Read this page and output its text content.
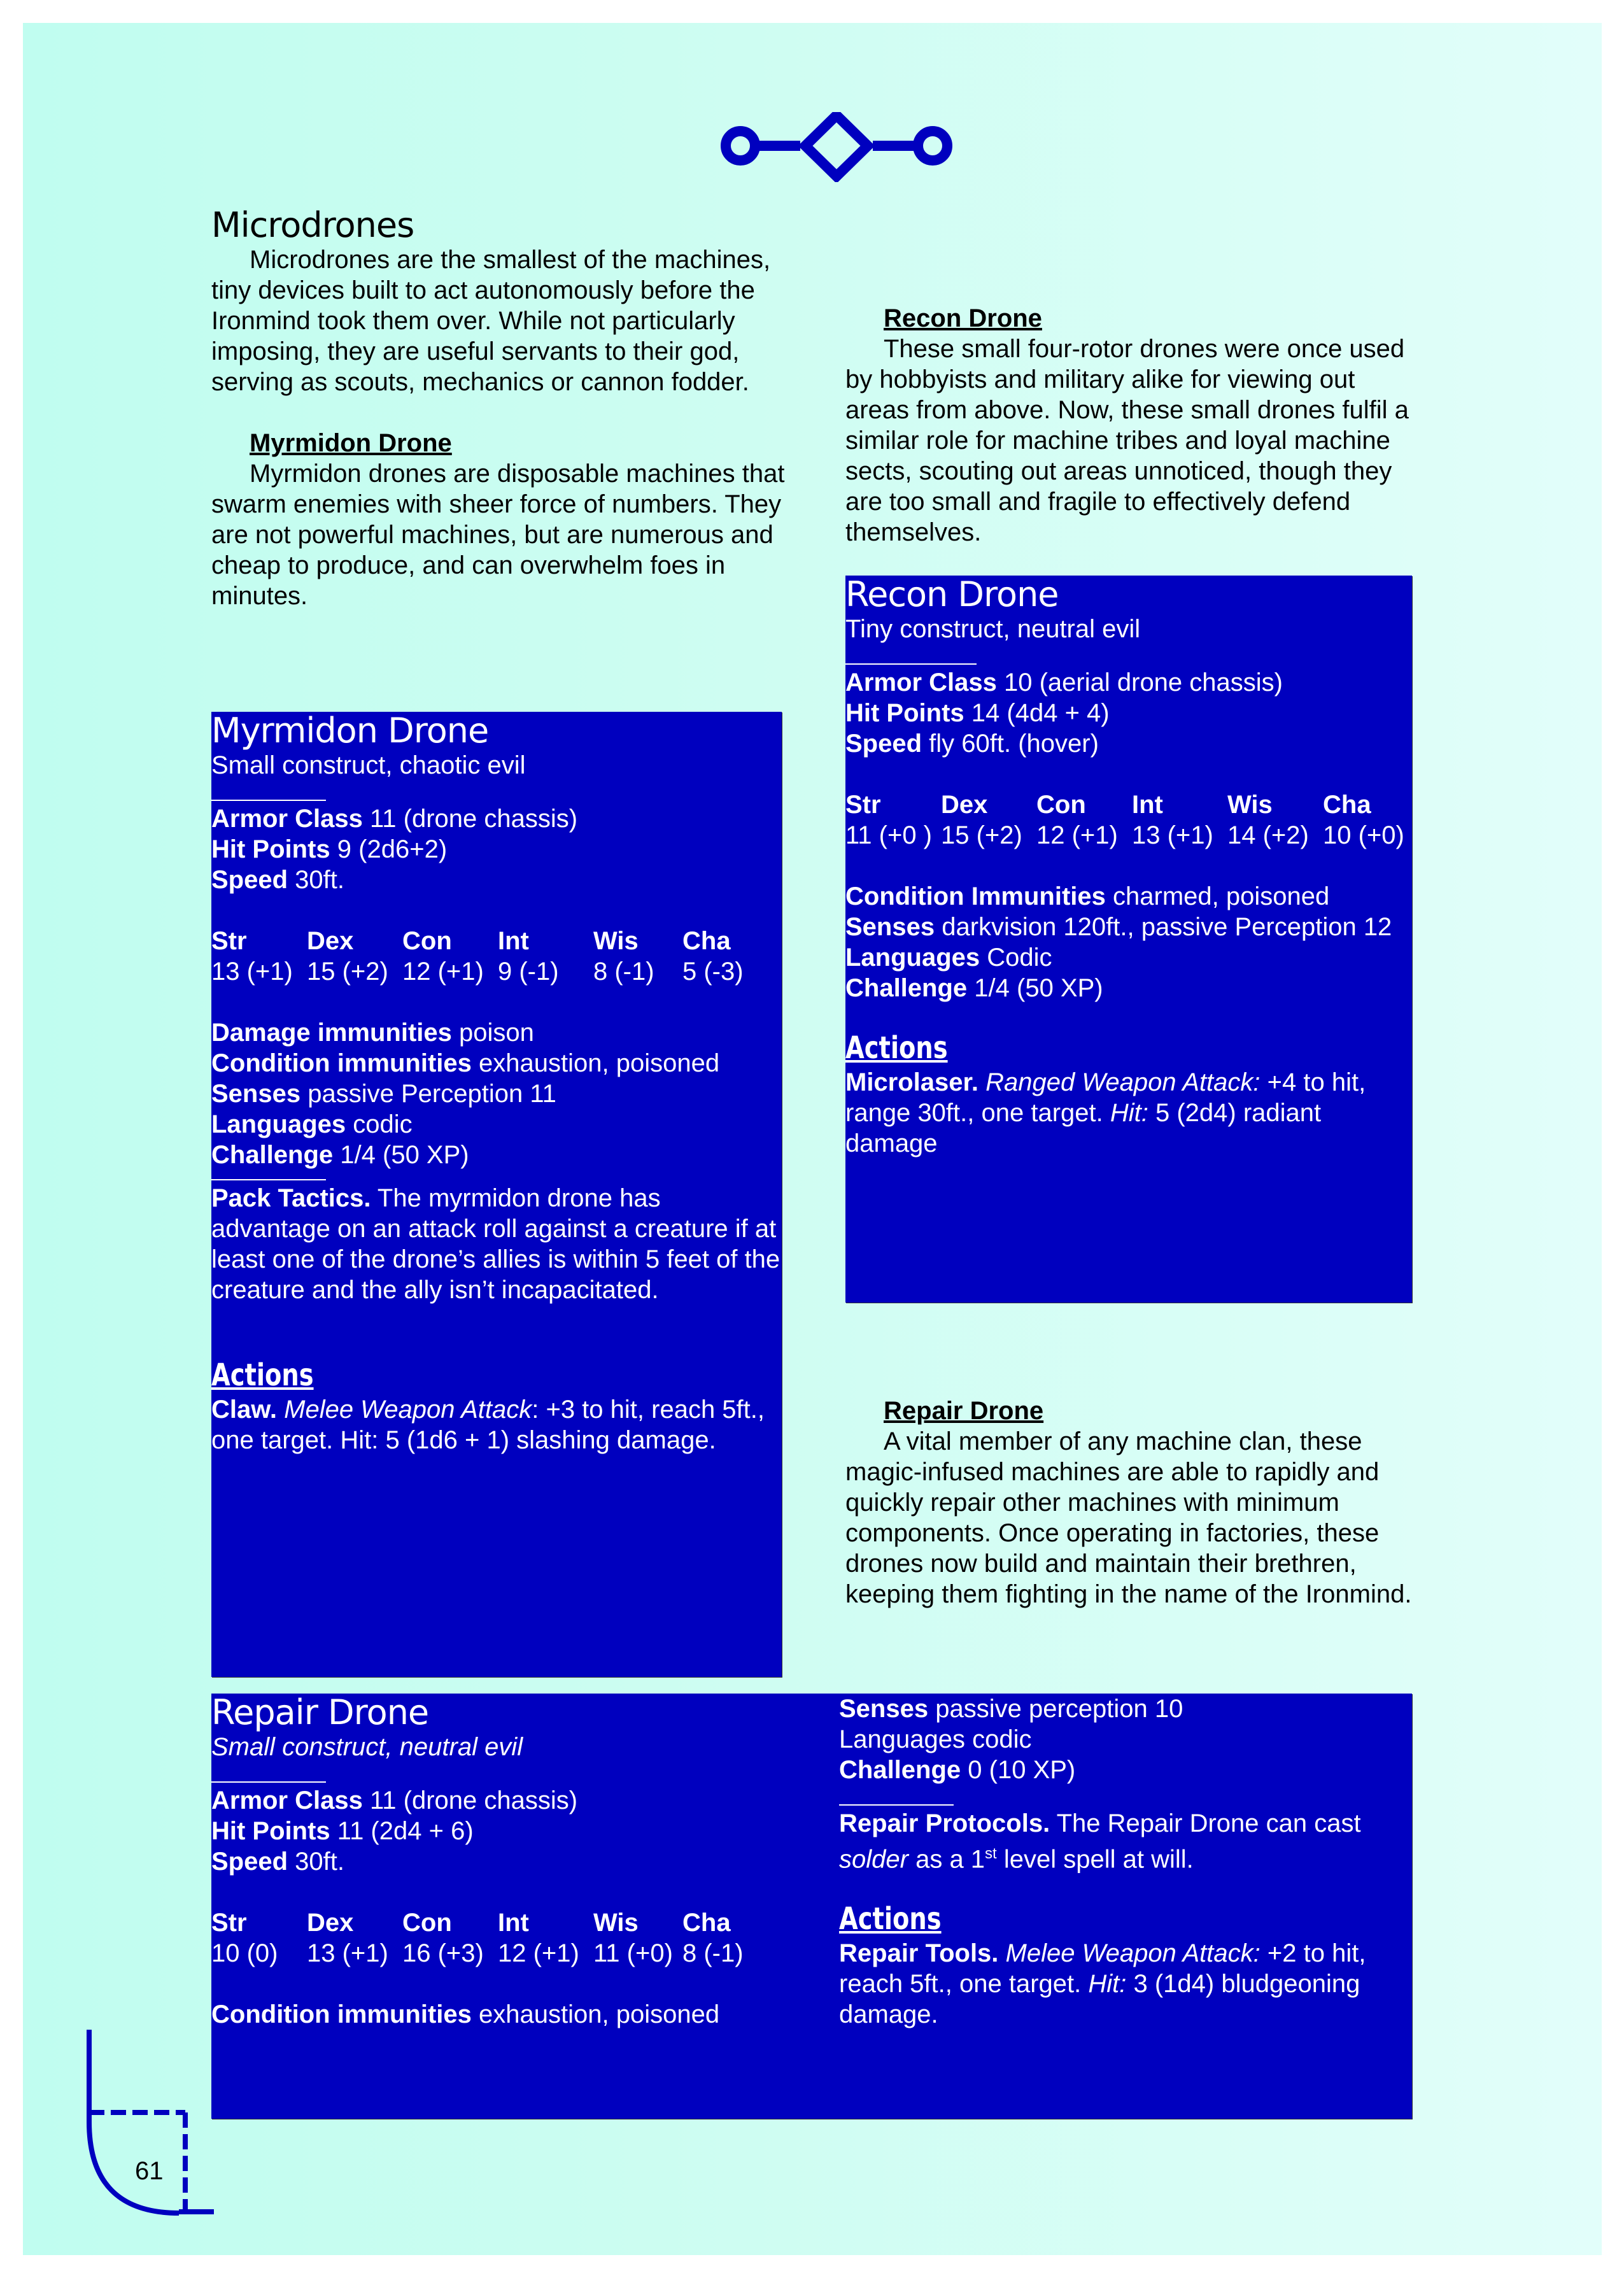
Microdrones
Microdrones are the smallest of the machines, tiny devices built to act autonomously before the Ironmind took them over. While not particularly imposing, they are useful servants to their god, serving as scouts, mechanics or cannon fodder.
Myrmidon Drone
Myrmidon drones are disposable machines that swarm enemies with sheer force of numbers. They are not powerful machines, but are numerous and cheap to produce, and can overwhelm foes in minutes.
Myrmidon Drone
Small construct, chaotic evil
Armor Class 11 (drone chassis)
Hit Points 9 (2d6+2)
Speed 30ft.
Str	Dex	Con	Int	Wis	Cha
13 (+1) 15 (+2) 12 (+1) 9 (-1)	8 (-1)	5 (-3)
Damage immunities poison
Condition immunities exhaustion, poisoned
Senses passive Perception 11
Languages codic
Challenge 1/4 (50 XP)
Pack Tactics. The myrmidon drone has advantage on an attack roll against a creature if at least one of the drone’s allies is within 5 feet of the creature and the ally isn’t incapacitated.
Actions
Claw. Melee Weapon Attack: +3 to hit, reach 5ft., one target. Hit: 5 (1d6 + 1) slashing damage.
Repair Drone
Small construct, neutral evil
Armor Class 11 (drone chassis)
Hit Points 11 (2d4 + 6)
Speed 30ft.
Str	Dex	Con	Int	Wis	Cha
10 (0)	13 (+1) 16 (+3) 12 (+1) 11 (+0) 8 (-1)
Condition immunities exhaustion, poisoned
Senses passive perception 10
Languages codic
Challenge 0 (10 XP)
Repair Protocols. The Repair Drone can cast solder as a 1st level spell at will.
Actions
Repair Tools. Melee Weapon Attack: +2 to hit, reach 5ft., one target. Hit: 3 (1d4) bludgeoning damage.
Recon Drone
These small four-rotor drones were once used by hobbyists and military alike for viewing out areas from above. Now, these small drones fulfil a similar role for machine tribes and loyal machine sects, scouting out areas unnoticed, though they are too small and fragile to effectively defend themselves.
Recon Drone
Tiny construct, neutral evil
Armor Class 10 (aerial drone chassis)
Hit Points 14 (4d4 + 4)
Speed fly 60ft. (hover)
Str	Dex	Con	Int	Wis	Cha
11 (+0 ) 15 (+2) 12 (+1) 13 (+1) 14 (+2) 10 (+0)
Condition Immunities charmed, poisoned
Senses darkvision 120ft., passive Perception 12
Languages Codic
Challenge 1/4 (50 XP)
Actions
Microlaser. Ranged Weapon Attack: +4 to hit, range 30ft., one target. Hit: 5 (2d4) radiant damage
Repair Drone
A vital member of any machine clan, these magic-infused machines are able to rapidly and quickly repair other machines with minimum components. Once operating in factories, these drones now build and maintain their brethren, keeping them fighting in the name of the Ironmind.
61
